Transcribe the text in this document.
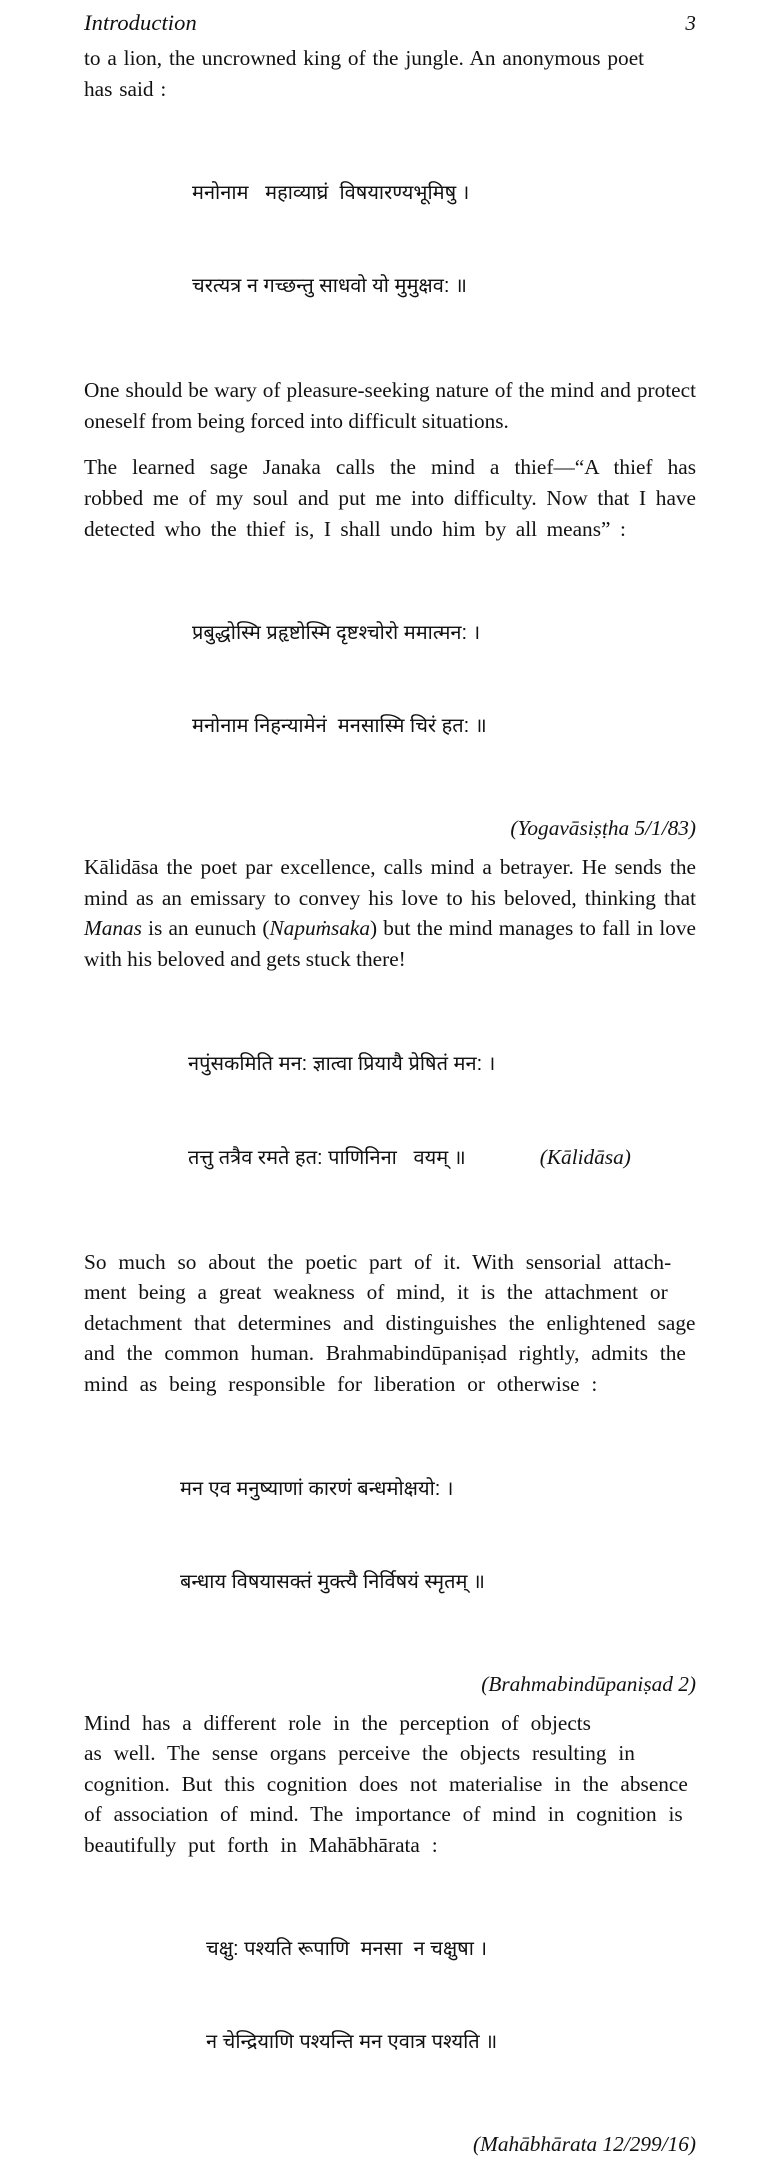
Introduction	3

to a lion, the uncrowned king of the jungle. An anonymous poet
has said :

मनोनाम   महाव्याघ्रं  विषयारण्यभूमिषु ।

चरत्यत्र न गच्छन्तु साधवो यो मुमुक्षव: ॥

One should be wary of pleasure-seeking nature of the mind and protect oneself from being forced into difficult situations.

The learned sage Janaka calls the mind a thief—“A thief has robbed me of my soul and put me into difficulty. Now that I have detected who the thief is, I shall undo him by all means” :

प्रबुद्धोस्मि प्रहृष्टोस्मि दृष्टश्चोरो ममात्मन: ।

मनोनाम निहन्यामेनं  मनसास्मि चिरं हत: ॥

(Yogavāsiṣṭha 5/1/83)

Kālidāsa the poet par excellence, calls mind a betrayer. He sends the mind as an emissary to convey his love to his beloved, thinking that Manas is an eunuch (Napuṁsaka) but the mind manages to fall in love with his beloved and gets stuck there!

नपुंसकमिति मन: ज्ञात्वा प्रियायै प्रेषितं मन: ।

तत्तु तत्रैव रमते हत: पाणिनिना   वयम् ॥	(Kālidāsa)

So much so about the poetic part of it. With sensorial attach-
ment being a great weakness of mind, it is the attachment or
detachment that determines and distinguishes the enlightened sage
and the common human. Brahmabindūpaniṣad rightly, admits the
mind as being responsible for liberation or otherwise :

मन एव मनुष्याणां कारणं बन्धमोक्षयो: ।

बन्धाय विषयासक्तं मुक्त्यै निर्विषयं स्मृतम् ॥

(Brahmabindūpaniṣad 2)

Mind has a different role in the perception of objects
as well. The sense organs perceive the objects resulting in
cognition. But this cognition does not materialise in the absence
of association of mind. The importance of mind in cognition is
beautifully put forth in Mahābhārata :

चक्षु: पश्यति रूपाणि  मनसा  न चक्षुषा ।

न चेन्द्रियाणि पश्यन्ति मन एवात्र पश्यति ॥

(Mahābhārata 12/299/16)
